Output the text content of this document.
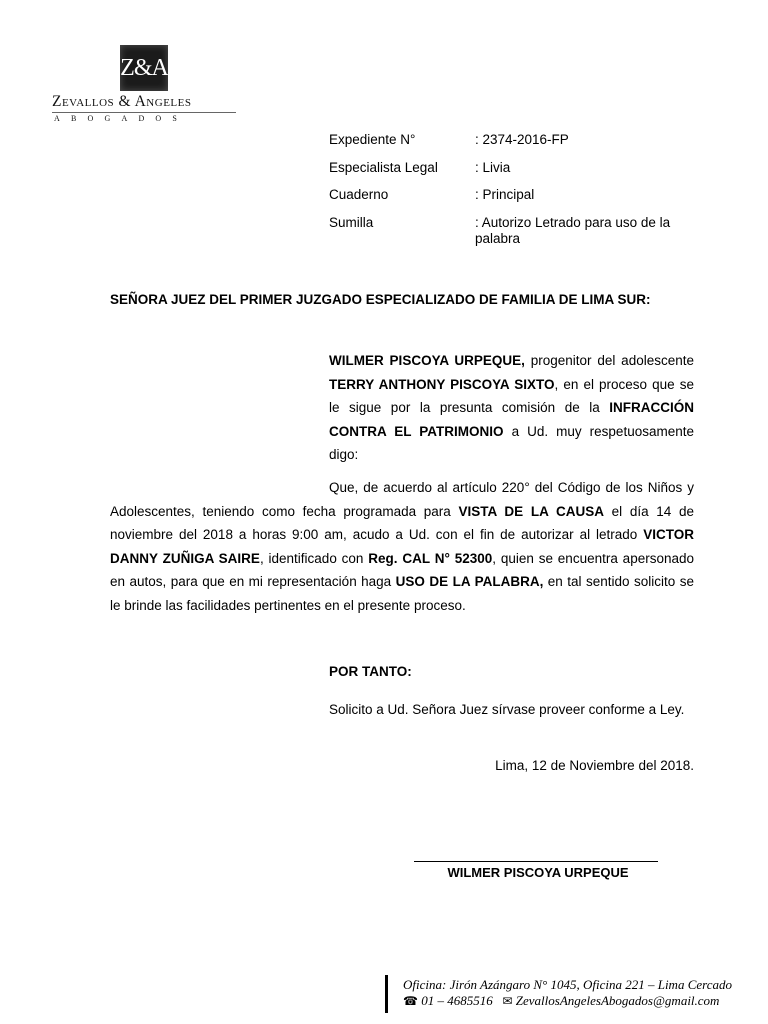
Z&A
Zevallos & Angeles
ABOGADOS
Expediente N°	: 2374-2016-FP
Especialista Legal	: Livia
Cuaderno	: Principal
Sumilla	: Autorizo Letrado para uso de la palabra
SEÑORA JUEZ DEL PRIMER JUZGADO ESPECIALIZADO DE FAMILIA DE LIMA SUR:
WILMER PISCOYA URPEQUE, progenitor del adolescente TERRY ANTHONY PISCOYA SIXTO, en el proceso que se le sigue por la presunta comisión de la INFRACCIÓN CONTRA EL PATRIMONIO a Ud. muy respetuosamente digo:
Que, de acuerdo al artículo 220° del Código de los Niños y Adolescentes, teniendo como fecha programada para VISTA DE LA CAUSA el día 14 de noviembre del 2018 a horas 9:00 am, acudo a Ud. con el fin de autorizar al letrado VICTOR DANNY ZUÑIGA SAIRE, identificado con Reg. CAL N° 52300, quien se encuentra apersonado en autos, para que en mi representación haga USO DE LA PALABRA, en tal sentido solicito se le brinde las facilidades pertinentes en el presente proceso.
POR TANTO:
Solicito a Ud. Señora Juez sírvase proveer conforme a Ley.
Lima, 12 de Noviembre del 2018.
WILMER PISCOYA URPEQUE
Oficina: Jirón Azángaro N° 1045, Oficina 221 – Lima Cercado
☎ 01 – 4685516 ✉ ZevallosAngelesAbogados@gmail.com
